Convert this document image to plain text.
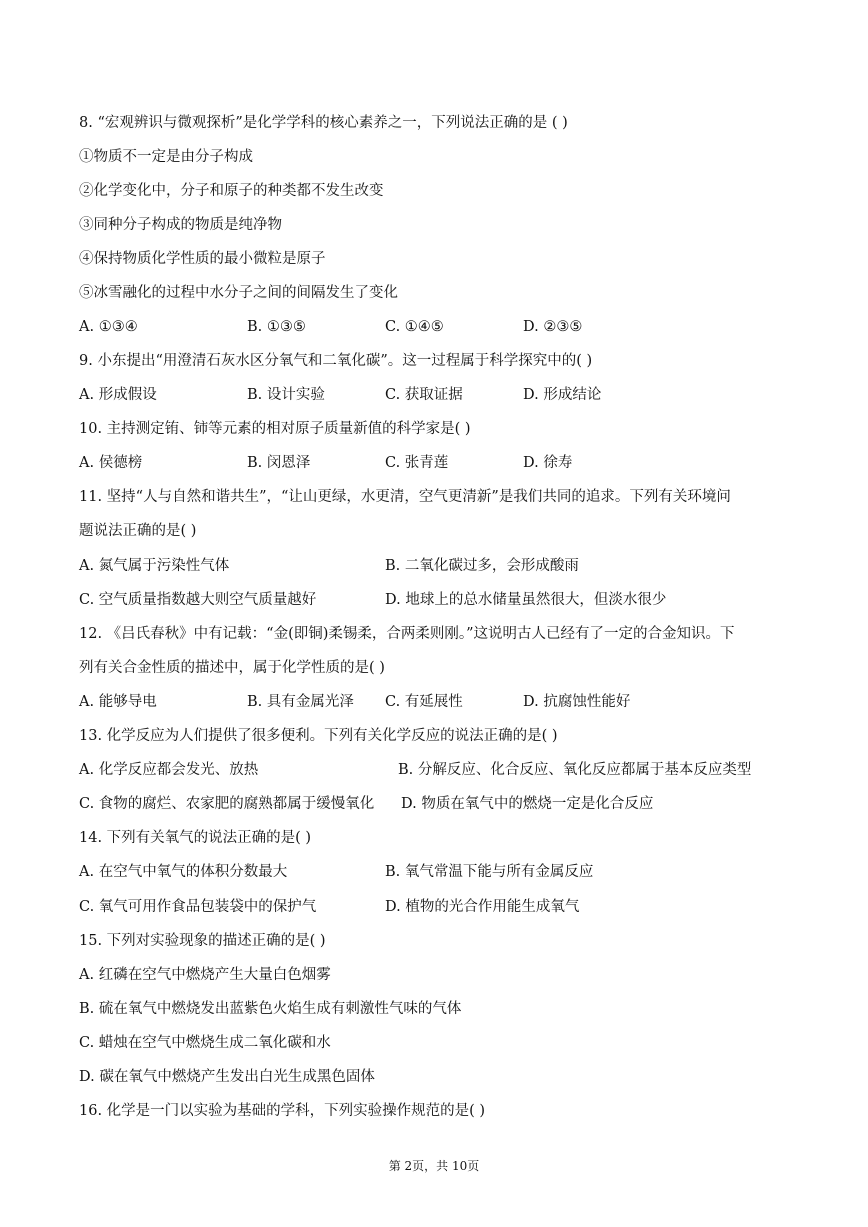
8. “宏观辨识与微观探析”是化学学科的核心素养之一，下列说法正确的是 ( )
①物质不一定是由分子构成
②化学变化中，分子和原子的种类都不发生改变
③同种分子构成的物质是纯净物
④保持物质化学性质的最小微粒是原子
⑤冰雪融化的过程中水分子之间的间隔发生了变化
A. ①③④	B. ①③⑤	C. ①④⑤	D. ②③⑤
9. 小东提出“用澄清石灰水区分氧气和二氧化碳”。这一过程属于科学探究中的( )
A. 形成假设	B. 设计实验	C. 获取证据	D. 形成结论
10. 主持测定铕、铈等元素的相对原子质量新值的科学家是( )
A. 侯德榜	B. 闵恩泽	C. 张青莲	D. 徐寿
11. 坚持“人与自然和谐共生”，“让山更绿，水更清，空气更清新”是我们共同的追求。下列有关环境问
题说法正确的是( )
A. 氮气属于污染性气体	B. 二氧化碳过多，会形成酸雨
C. 空气质量指数越大则空气质量越好	D. 地球上的总水储量虽然很大，但淡水很少
12. 《吕氏春秋》中有记载：“金(即铜)柔锡柔，合两柔则刚。”这说明古人已经有了一定的合金知识。下
列有关合金性质的描述中，属于化学性质的是( )
A. 能够导电	B. 具有金属光泽 C. 有延展性	D. 抗腐蚀性能好
13. 化学反应为人们提供了很多便利。下列有关化学反应的说法正确的是( )
A. 化学反应都会发光、放热	B. 分解反应、化合反应、氧化反应都属于基本反应类型
C. 食物的腐烂、农家肥的腐熟都属于缓慢氧化 D. 物质在氧气中的燃烧一定是化合反应
14. 下列有关氧气的说法正确的是( )
A. 在空气中氧气的体积分数最大	B. 氧气常温下能与所有金属反应
C. 氧气可用作食品包装袋中的保护气	D. 植物的光合作用能生成氧气
15. 下列对实验现象的描述正确的是( )
A. 红磷在空气中燃烧产生大量白色烟雾
B. 硫在氧气中燃烧发出蓝紫色火焰生成有刺激性气味的气体
C. 蜡烛在空气中燃烧生成二氧化碳和水
D. 碳在氧气中燃烧产生发出白光生成黑色固体
16. 化学是一门以实验为基础的学科，下列实验操作规范的是( )
第 2页，共 10页
